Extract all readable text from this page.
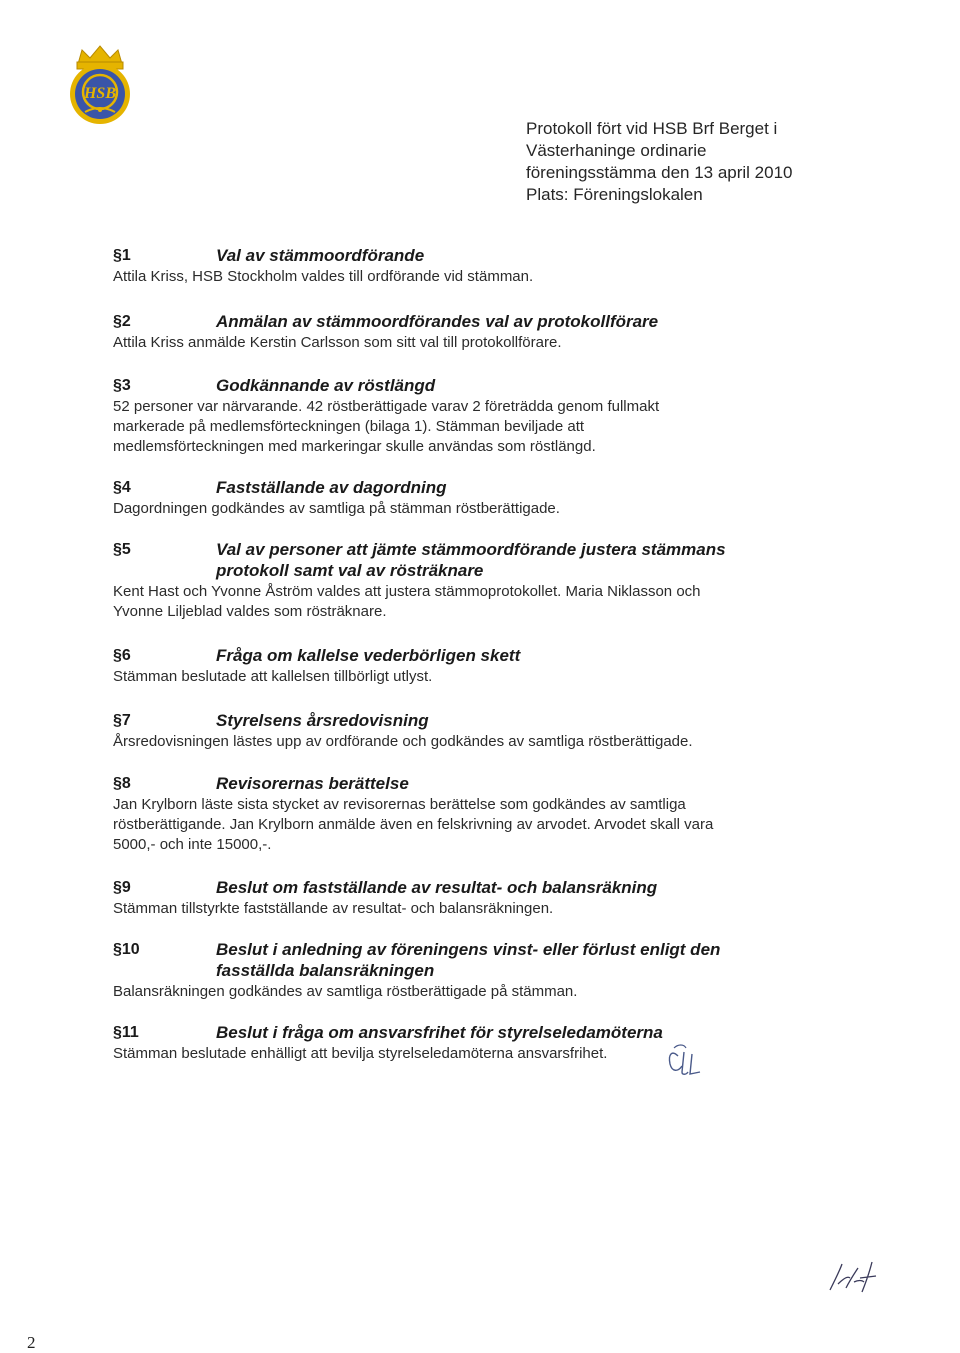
HSB
Protokoll fört vid HSB Brf Berget i
Västerhaninge ordinarie
föreningsstämma den 13 april 2010
Plats: Föreningslokalen
§1	Val av stämmoordförande
Attila Kriss, HSB Stockholm valdes till ordförande vid stämman.
§2	Anmälan av stämmoordförandes val av protokollförare
Attila Kriss anmälde Kerstin Carlsson som sitt val till protokollförare.
§3	Godkännande av röstlängd
52 personer var närvarande. 42 röstberättigade varav 2 företrädda genom fullmakt
markerade på medlemsförteckningen (bilaga 1). Stämman beviljade att
medlemsförteckningen med markeringar skulle användas som röstlängd.
§4	Fastställande av dagordning
Dagordningen godkändes av samtliga på stämman röstberättigade.
§5	Val av personer att jämte stämmoordförande justera stämmans
protokoll samt val av rösträknare
Kent Hast och Yvonne Åström valdes att justera stämmoprotokollet. Maria Niklasson och
Yvonne Liljeblad valdes som rösträknare.
§6	Fråga om kallelse vederbörligen skett
Stämman beslutade att kallelsen tillbörligt utlyst.
§7	Styrelsens årsredovisning
Årsredovisningen lästes upp av ordförande och godkändes av samtliga röstberättigade.
§8	Revisorernas berättelse
Jan Krylborn läste sista stycket av revisorernas berättelse som godkändes av samtliga
röstberättigande. Jan Krylborn anmälde även en felskrivning av arvodet. Arvodet skall vara
5000,- och inte 15000,-.
§9	Beslut om fastställande av resultat- och balansräkning
Stämman tillstyrkte fastställande av resultat- och balansräkningen.
§10	Beslut i anledning av föreningens vinst- eller förlust enligt den
fasställda balansräkningen
Balansräkningen godkändes av samtliga röstberättigade på stämman.
§11	Beslut i fråga om ansvarsfrihet för styrelseledamöterna
Stämman beslutade enhälligt att bevilja styrelseledamöterna ansvarsfrihet.
2
